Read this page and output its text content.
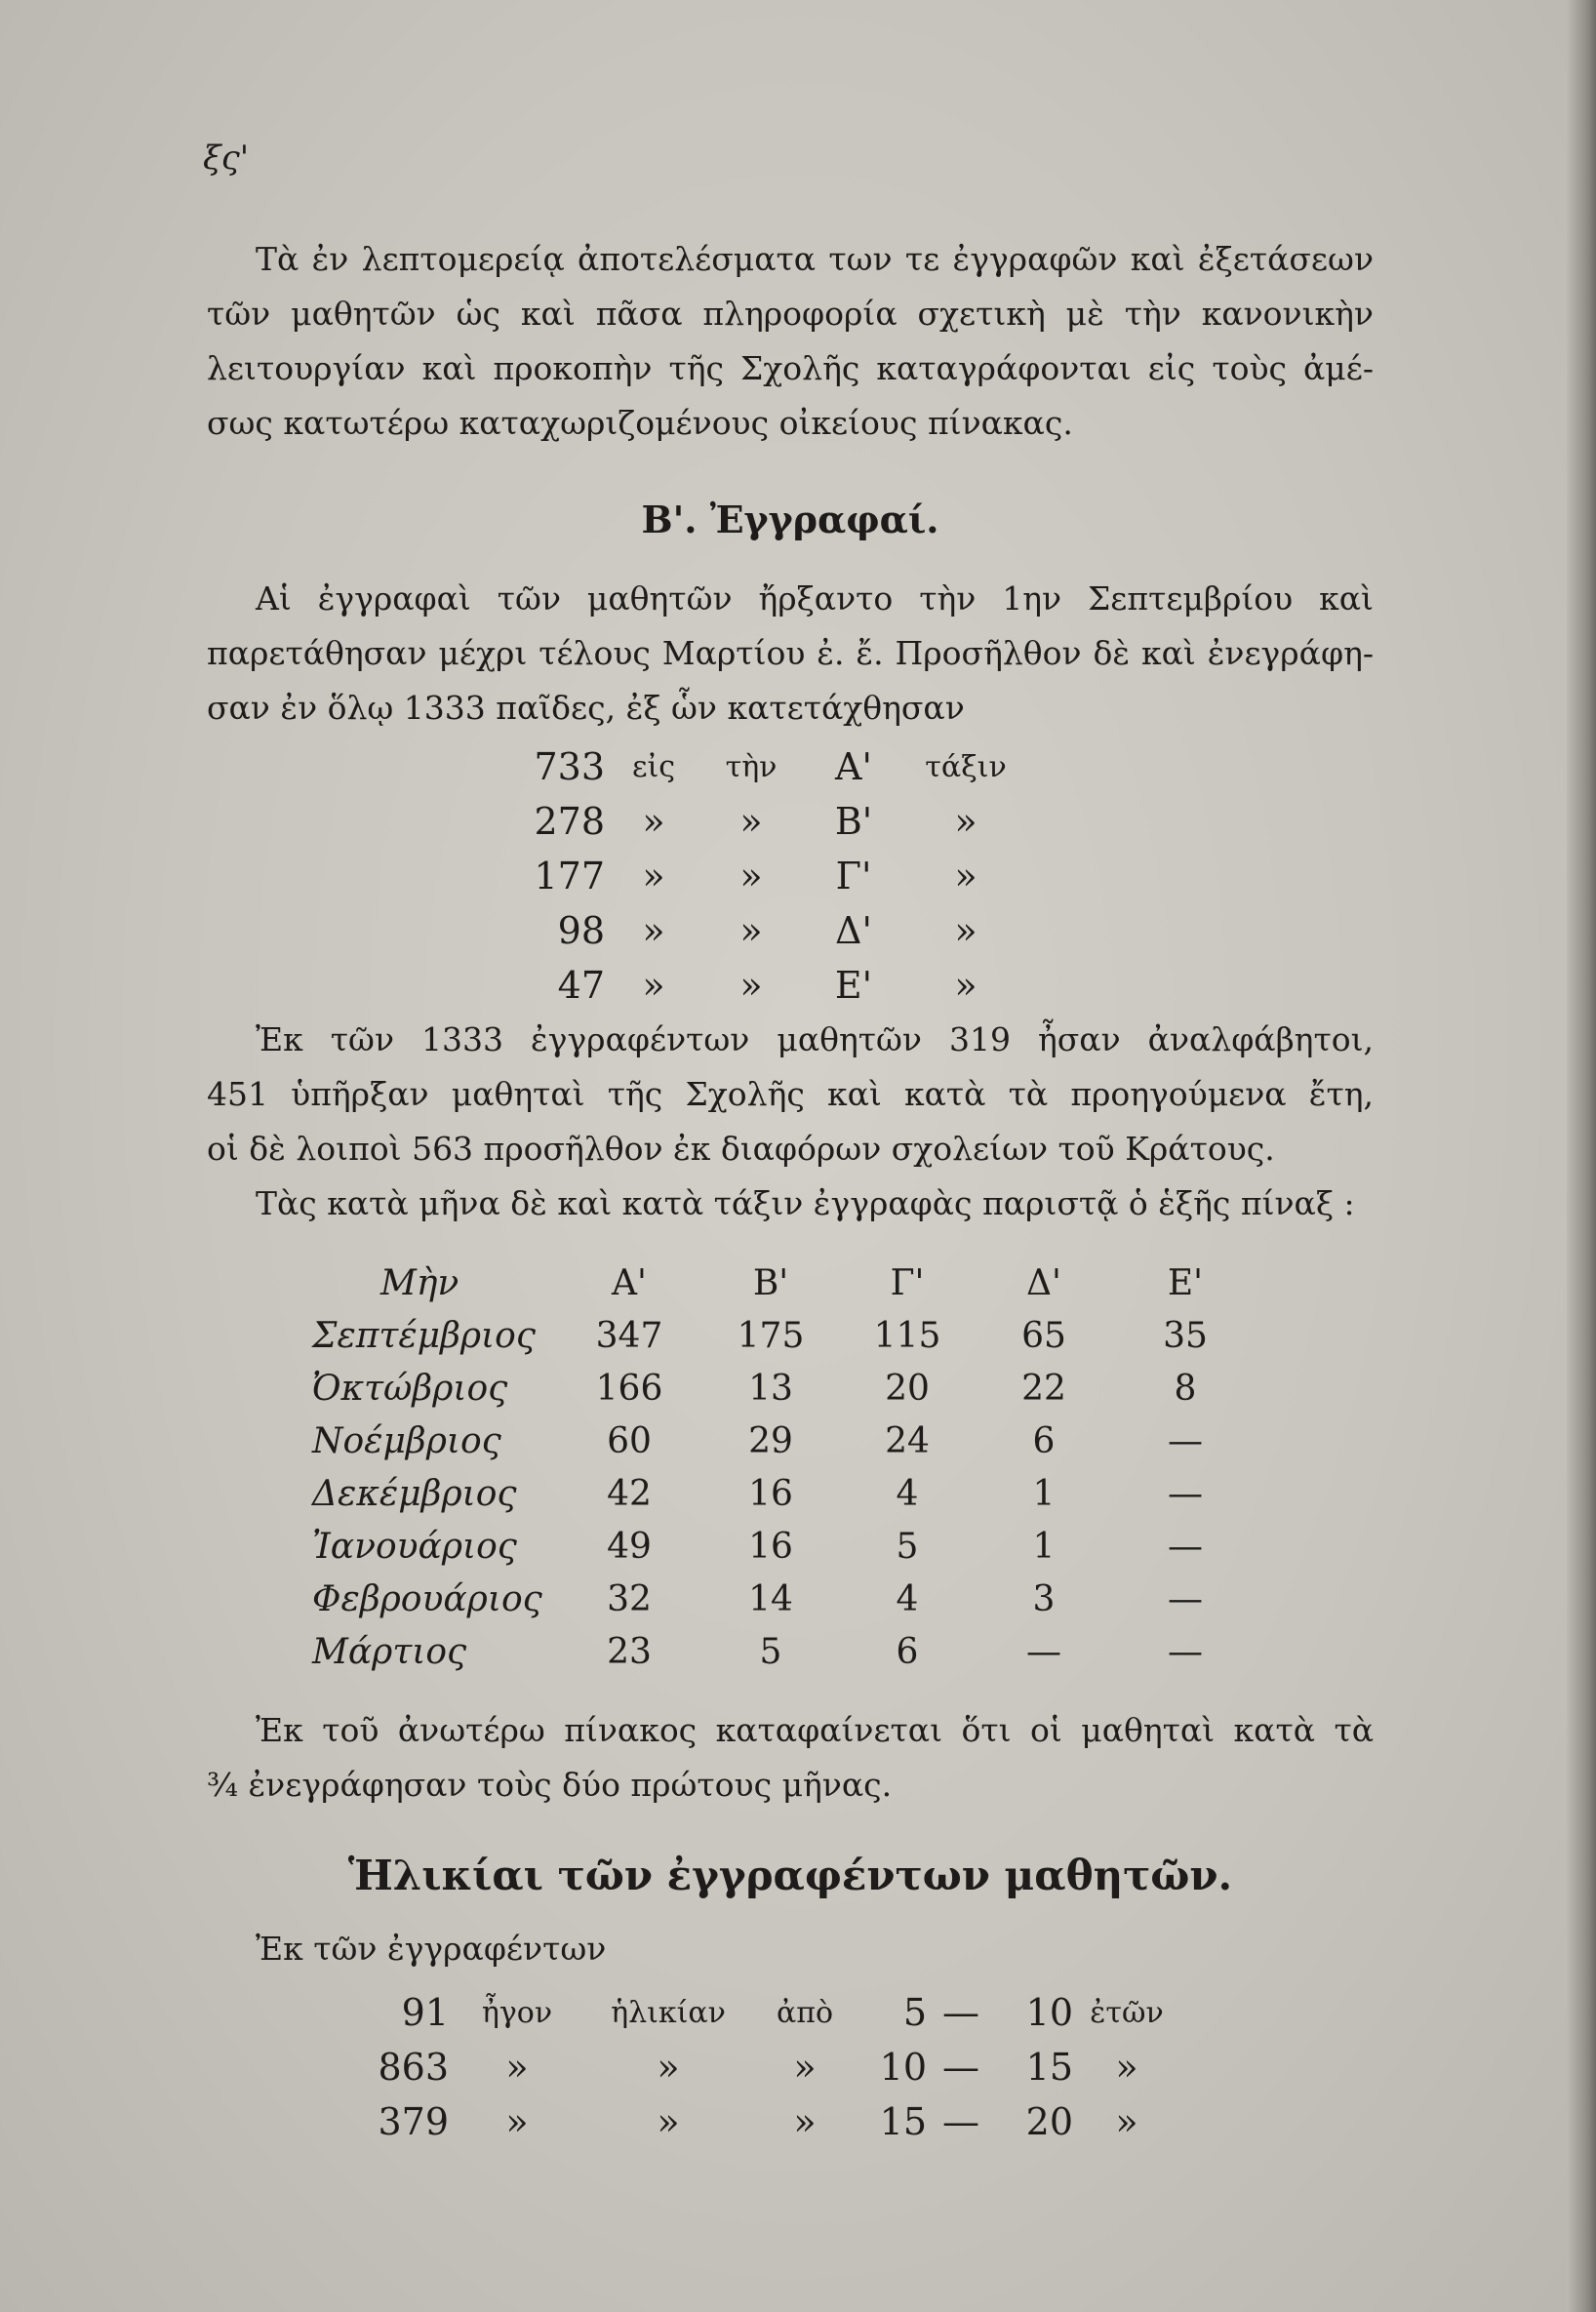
ξς'
Τὰ ἐν λεπτομερείᾳ ἀποτελέσματα των τε ἐγγραφῶν καὶ ἐξετάσεων
τῶν μαθητῶν ὡς καὶ πᾶσα πληροφορία σχετικὴ μὲ τὴν κανονικὴν
λειτουργίαν καὶ προκοπὴν τῆς Σχολῆς καταγράφονται εἰς τοὺς ἀμέ-
σως κατωτέρω καταχωριζομένους οἰκείους πίνακας.
Β'. Ἐγγραφαί.
Αἱ ἐγγραφαὶ τῶν μαθητῶν ἤρξαντο τὴν 1ην Σεπτεμβρίου καὶ
παρετάθησαν μέχρι τέλους Μαρτίου ἐ. ἔ. Προσῆλθον δὲ καὶ ἐνεγράφη-
σαν ἐν ὅλῳ 1333 παῖδες, ἐξ ὧν κατετάχθησαν
733	εἰς	τὴν	Α'	τάξιν
278	»	»	Β'	»
177	»	»	Γ'	»
98	»	»	Δ'	»
47	»	»	Ε'	»
Ἐκ τῶν 1333 ἐγγραφέντων μαθητῶν 319 ἦσαν ἀναλφάβητοι,
451 ὑπῆρξαν μαθηταὶ τῆς Σχολῆς καὶ κατὰ τὰ προηγούμενα ἔτη,
οἱ δὲ λοιποὶ 563 προσῆλθον ἐκ διαφόρων σχολείων τοῦ Κράτους.
Τὰς κατὰ μῆνα δὲ καὶ κατὰ τάξιν ἐγγραφὰς παριστᾷ ὁ ἑξῆς πίναξ :
Μὴν	Α'	Β'	Γ'	Δ'	Ε'
Σεπτέμβριος	347	175	115	65	35
Ὀκτώβριος	166	13	20	22	8
Νοέμβριος	60	29	24	6	—
Δεκέμβριος	42	16	4	1	—
Ἰανουάριος	49	16	5	1	—
Φεβρουάριος	32	14	4	3	—
Μάρτιος	23	5	6	—	—
Ἐκ τοῦ ἀνωτέρω πίνακος καταφαίνεται ὅτι οἱ μαθηταὶ κατὰ τὰ
¾ ἐνεγράφησαν τοὺς δύο πρώτους μῆνας.
Ἡλικίαι τῶν ἐγγραφέντων μαθητῶν.
Ἐκ τῶν ἐγγραφέντων
91	ἦγον	ἡλικίαν	ἀπὸ	5	—	10	ἐτῶν
863	»	»	»	10	—	15	»
379	»	»	»	15	—	20	»
